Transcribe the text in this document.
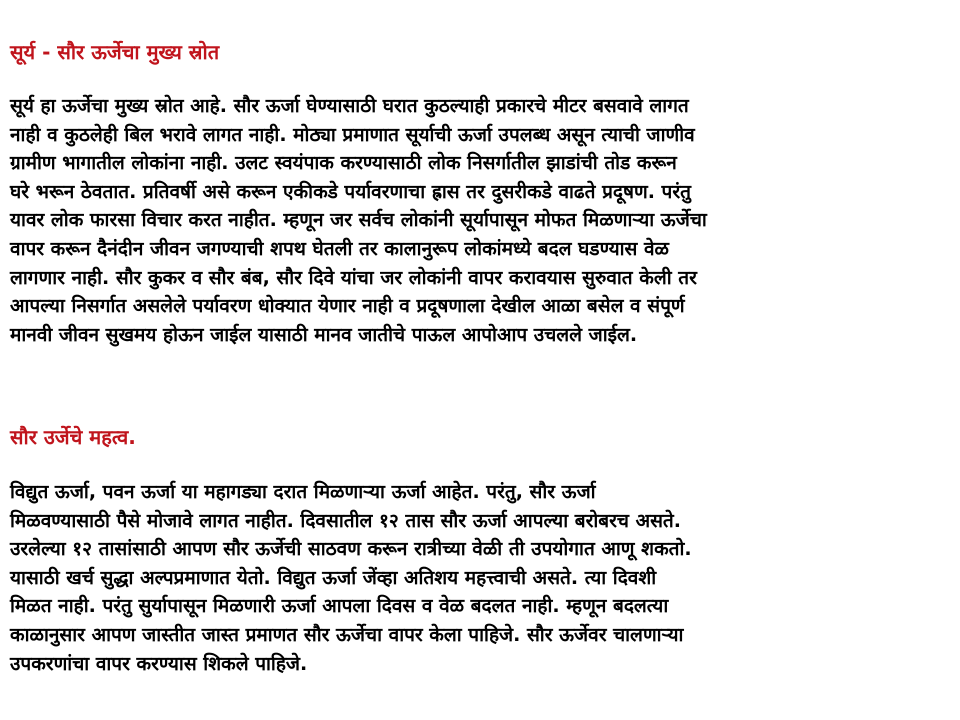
सूर्य - सौर ऊर्जेचा मुख्य स्रोत

सूर्य हा ऊर्जेचा मुख्य स्रोत आहे. सौर ऊर्जा घेण्यासाठी घरात कुठल्याही प्रकारचे मीटर बसवावे लागत
नाही व कुठलेही बिल भरावे लागत नाही. मोठ्या प्रमाणात सूर्याची ऊर्जा उपलब्ध असून त्याची जाणीव
ग्रामीण भागातील लोकांना नाही. उलट स्वयंपाक करण्यासाठी लोक निसर्गातील झाडांची तोड करून
घरे भरून ठेवतात. प्रतिवर्षी असे करून एकीकडे पर्यावरणाचा ह्रास तर दुसरीकडे वाढते प्रदूषण. परंतु
यावर लोक फारसा विचार करत नाहीत. म्हणून जर सर्वच लोकांनी सूर्यापासून मोफत मिळणाऱ्या ऊर्जेचा
वापर करून दैनंदीन जीवन जगण्याची शपथ घेतली तर कालानुरूप लोकांमध्ये बदल घडण्यास वेळ
लागणार नाही. सौर कुकर व सौर बंब, सौर दिवे यांचा जर लोकांनी वापर करावयास सुरुवात केली तर
आपल्या निसर्गात असलेले पर्यावरण धोक्यात येणार नाही व प्रदूषणाला देखील आळा बसेल व संपूर्ण
मानवी जीवन सुखमय होऊन जाईल यासाठी मानव जातीचे पाऊल आपोआप उचलले जाईल.

सौर उर्जेचे महत्व.

विद्युत ऊर्जा, पवन ऊर्जा या महागड्या दरात मिळणाऱ्या ऊर्जा आहेत. परंतु, सौर ऊर्जा
मिळवण्यासाठी पैसे मोजावे लागत नाहीत. दिवसातील १२ तास सौर ऊर्जा आपल्या बरोबरच असते.
उरलेल्या १२ तासांसाठी आपण सौर ऊर्जेची साठवण करून रात्रीच्या वेळी ती उपयोगात आणू शकतो.
यासाठी खर्च सुद्धा अल्पप्रमाणात येतो. विद्युत ऊर्जा जेंव्हा अतिशय महत्त्वाची असते. त्या दिवशी
मिळत नाही. परंतु सुर्यापासून मिळणारी ऊर्जा आपला दिवस व वेळ बदलत नाही. म्हणून बदलत्या
काळानुसार आपण जास्तीत जास्त प्रमाणत सौर ऊर्जेचा वापर केला पाहिजे. सौर ऊर्जेवर चालणाऱ्या
उपकरणांचा वापर करण्यास शिकले पाहिजे.
